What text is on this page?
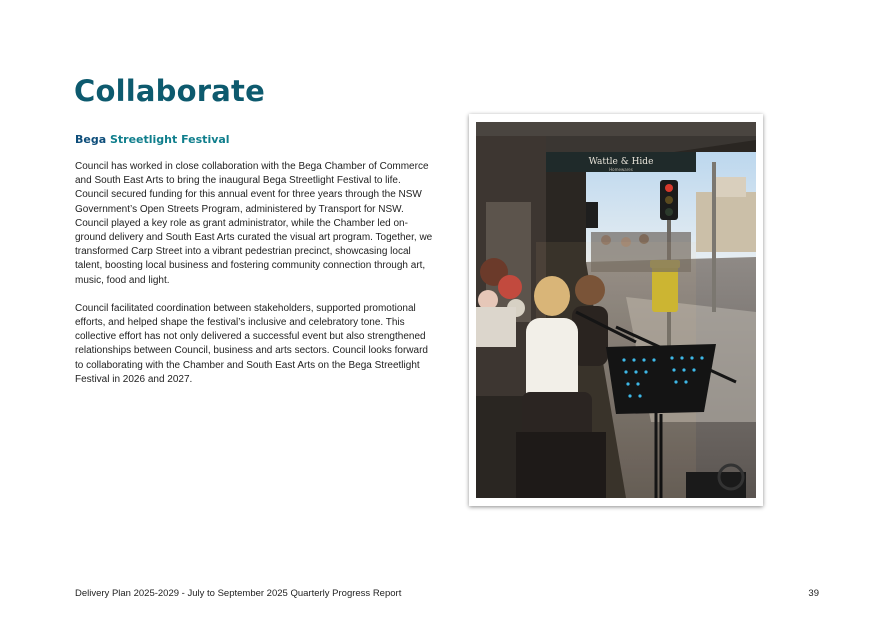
Collaborate
Bega Streetlight Festival

Council has worked in close collaboration with the Bega Chamber of Commerce and South East Arts to bring the inaugural Bega Streetlight Festival to life. Council secured funding for this annual event for three years through the NSW Government’s Open Streets Program, administered by Transport for NSW. Council played a key role as grant administrator, while the Chamber led on-ground delivery and South East Arts curated the visual art program. Together, we transformed Carp Street into a vibrant pedestrian precinct, showcasing local talent, boosting local business and fostering community connection through art, music, food and light.

Council facilitated coordination between stakeholders, supported promotional efforts, and helped shape the festival’s inclusive and celebratory tone. This collective effort has not only delivered a successful event but also strengthened relationships between Council, business and arts sectors. Council looks forward to collaborating with the Chamber and South East Arts on the Bega Streetlight Festival in 2026 and 2027.

Wattle & Hide
Homewares
Delivery Plan 2025-2029 - July to September 2025 Quarterly Progress Report	39
